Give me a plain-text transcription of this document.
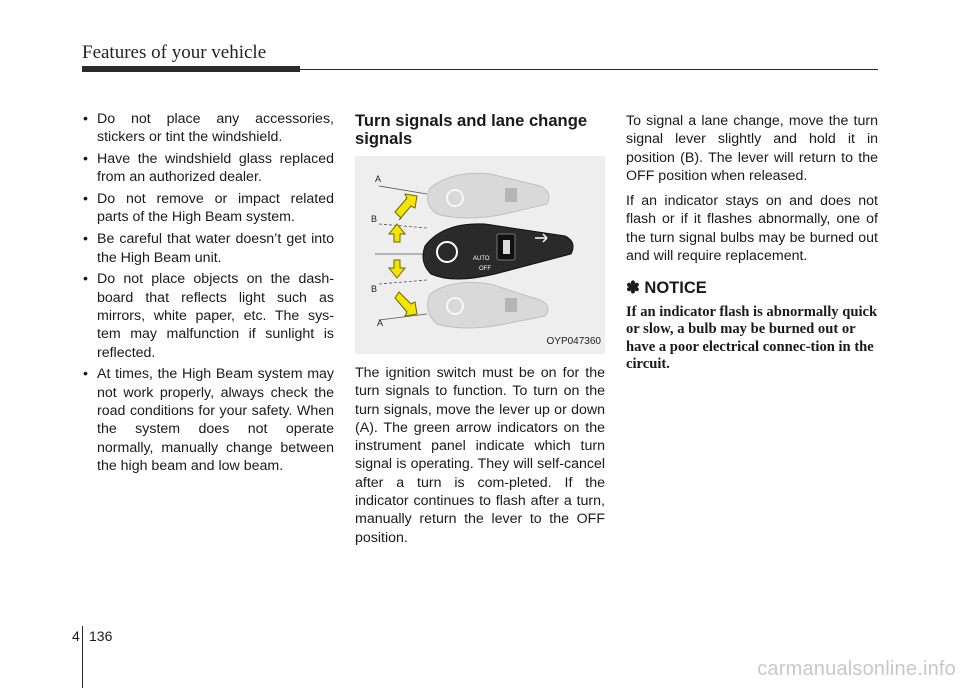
Features of your vehicle
• Do not place any accessories, stickers or tint the windshield.
• Have the windshield glass replaced from an authorized dealer.
• Do not remove or impact related parts of the High Beam system.
• Be careful that water doesn’t get into the High Beam unit.
• Do not place objects on the dash-board that reflects light such as mirrors, white paper, etc. The sys-tem may malfunction if sunlight is reflected.
• At times, the High Beam system may not work properly, always check the road conditions for your safety. When the system does not operate normally, manually change between the high beam and low beam.
Turn signals and lane change signals
AUTO
OFF
A
B
B
A
OYP047360

The ignition switch must be on for the turn signals to function. To turn on the turn signals, move the lever up or down (A). The green arrow indicators on the instrument panel indicate which turn signal is operating. They will self-cancel after a turn is com-pleted. If the indicator continues to flash after a turn, manually return the lever to the OFF position.

To signal a lane change, move the turn signal lever slightly and hold it in position (B). The lever will return to the OFF position when released.

If an indicator stays on and does not flash or if it flashes abnormally, one of the turn signal bulbs may be burned out and will require replacement.

✽ NOTICE

If an indicator flash is abnormally quick or slow, a bulb may be burned out or have a poor electrical connec-tion in the circuit.

4 136
carmanualsonline.info
